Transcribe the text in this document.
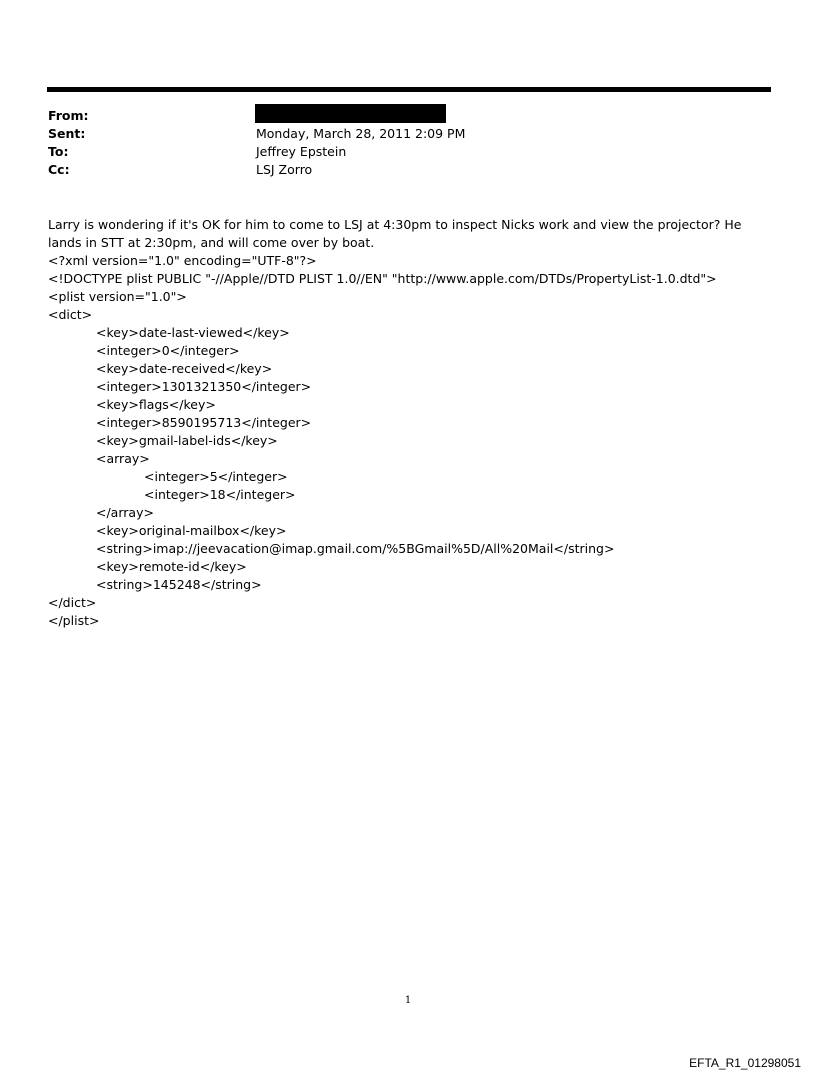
From:
Sent:	Monday, March 28, 2011 2:09 PM
To:	Jeffrey Epstein
Cc:	LSJ Zorro

Larry is wondering if it's OK for him to come to LSJ at 4:30pm to inspect Nicks work and view the projector? He lands in STT at 2:30pm, and will come over by boat.

<?xml version="1.0" encoding="UTF-8"?>
<!DOCTYPE plist PUBLIC "-//Apple//DTD PLIST 1.0//EN" "http://www.apple.com/DTDs/PropertyList-1.0.dtd">
<plist version="1.0">
<dict>
<key>date-last-viewed</key>
<integer>0</integer>
<key>date-received</key>
<integer>1301321350</integer>
<key>flags</key>
<integer>8590195713</integer>
<key>gmail-label-ids</key>
<array>
<integer>5</integer>
<integer>18</integer>
</array>
<key>original-mailbox</key>
<string>imap://jeevacation@imap.gmail.com/%5BGmail%5D/All%20Mail</string>
<key>remote-id</key>
<string>145248</string>
</dict>
</plist>
1
EFTA_R1_01298051
